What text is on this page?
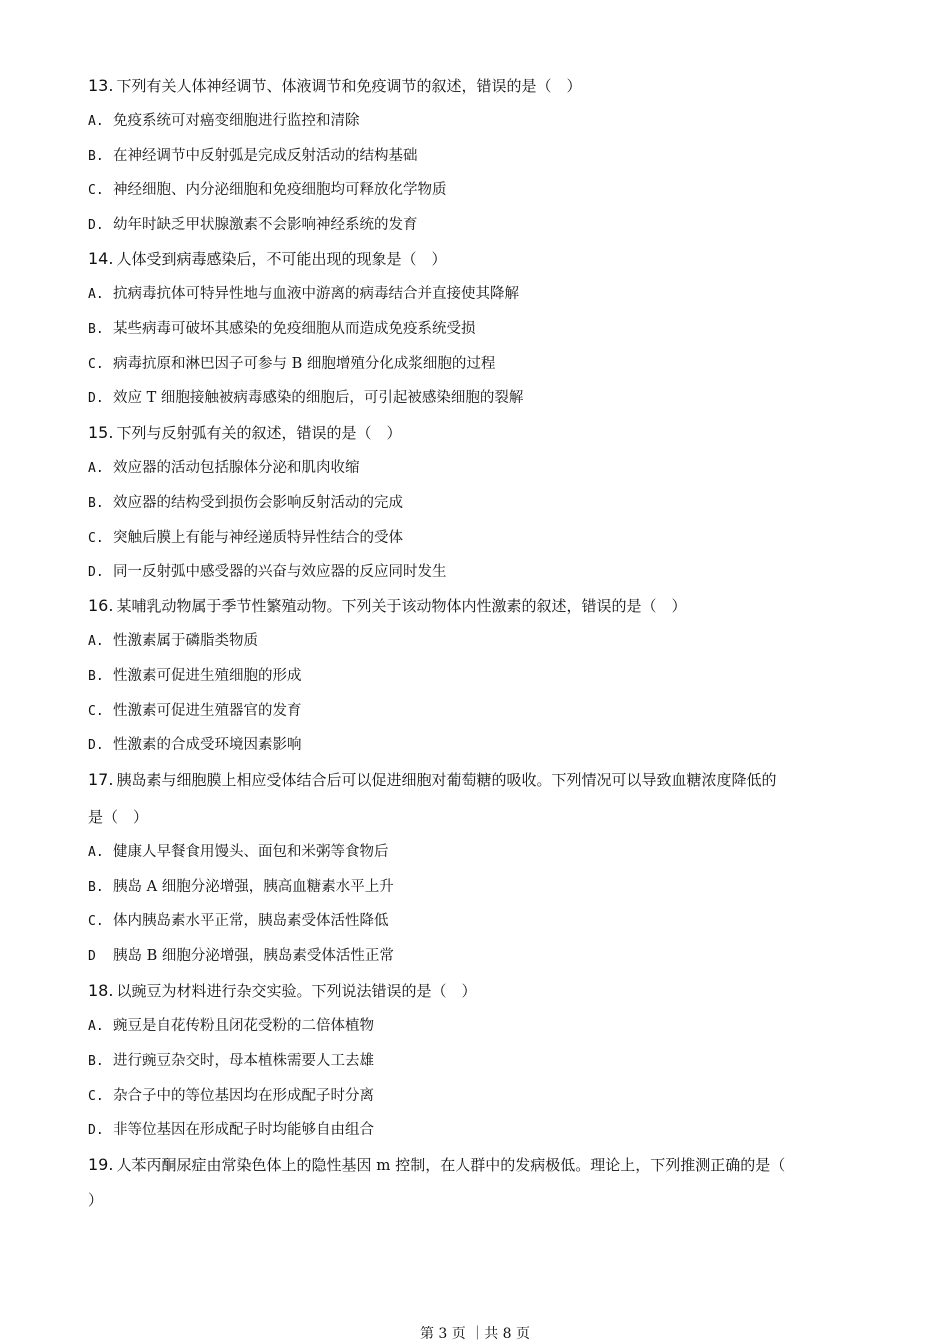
13. 下列有关人体神经调节、体液调节和免疫调节的叙述，错误的是（　）
A. 免疫系统可对癌变细胞进行监控和清除
B. 在神经调节中反射弧是完成反射活动的结构基础
C. 神经细胞、内分泌细胞和免疫细胞均可释放化学物质
D. 幼年时缺乏甲状腺激素不会影响神经系统的发育
14. 人体受到病毒感染后，不可能出现的现象是（　）
A. 抗病毒抗体可特异性地与血液中游离的病毒结合并直接使其降解
B. 某些病毒可破坏其感染的免疫细胞从而造成免疫系统受损
C. 病毒抗原和淋巴因子可参与 B 细胞增殖分化成浆细胞的过程
D. 效应 T 细胞接触被病毒感染的细胞后，可引起被感染细胞的裂解
15. 下列与反射弧有关的叙述，错误的是（　）
A. 效应器的活动包括腺体分泌和肌肉收缩
B. 效应器的结构受到损伤会影响反射活动的完成
C. 突触后膜上有能与神经递质特异性结合的受体
D. 同一反射弧中感受器的兴奋与效应器的反应同时发生
16. 某哺乳动物属于季节性繁殖动物。下列关于该动物体内性激素的叙述，错误的是（　）
A. 性激素属于磷脂类物质
B. 性激素可促进生殖细胞的形成
C. 性激素可促进生殖器官的发育
D. 性激素的合成受环境因素影响
17. 胰岛素与细胞膜上相应受体结合后可以促进细胞对葡萄糖的吸收。下列情况可以导致血糖浓度降低的
是（　）
A. 健康人早餐食用馒头、面包和米粥等食物后
B. 胰岛 A 细胞分泌增强，胰高血糖素水平上升
C. 体内胰岛素水平正常，胰岛素受体活性降低
D 胰岛 B 细胞分泌增强，胰岛素受体活性正常
18. 以豌豆为材料进行杂交实验。下列说法错误的是（　）
A. 豌豆是自花传粉且闭花受粉的二倍体植物
B. 进行豌豆杂交时，母本植株需要人工去雄
C. 杂合子中的等位基因均在形成配子时分离
D. 非等位基因在形成配子时均能够自由组合
19. 人苯丙酮尿症由常染色体上的隐性基因 m 控制，在人群中的发病极低。理论上，下列推测正确的是（
）
第 3 页 ｜共 8 页
